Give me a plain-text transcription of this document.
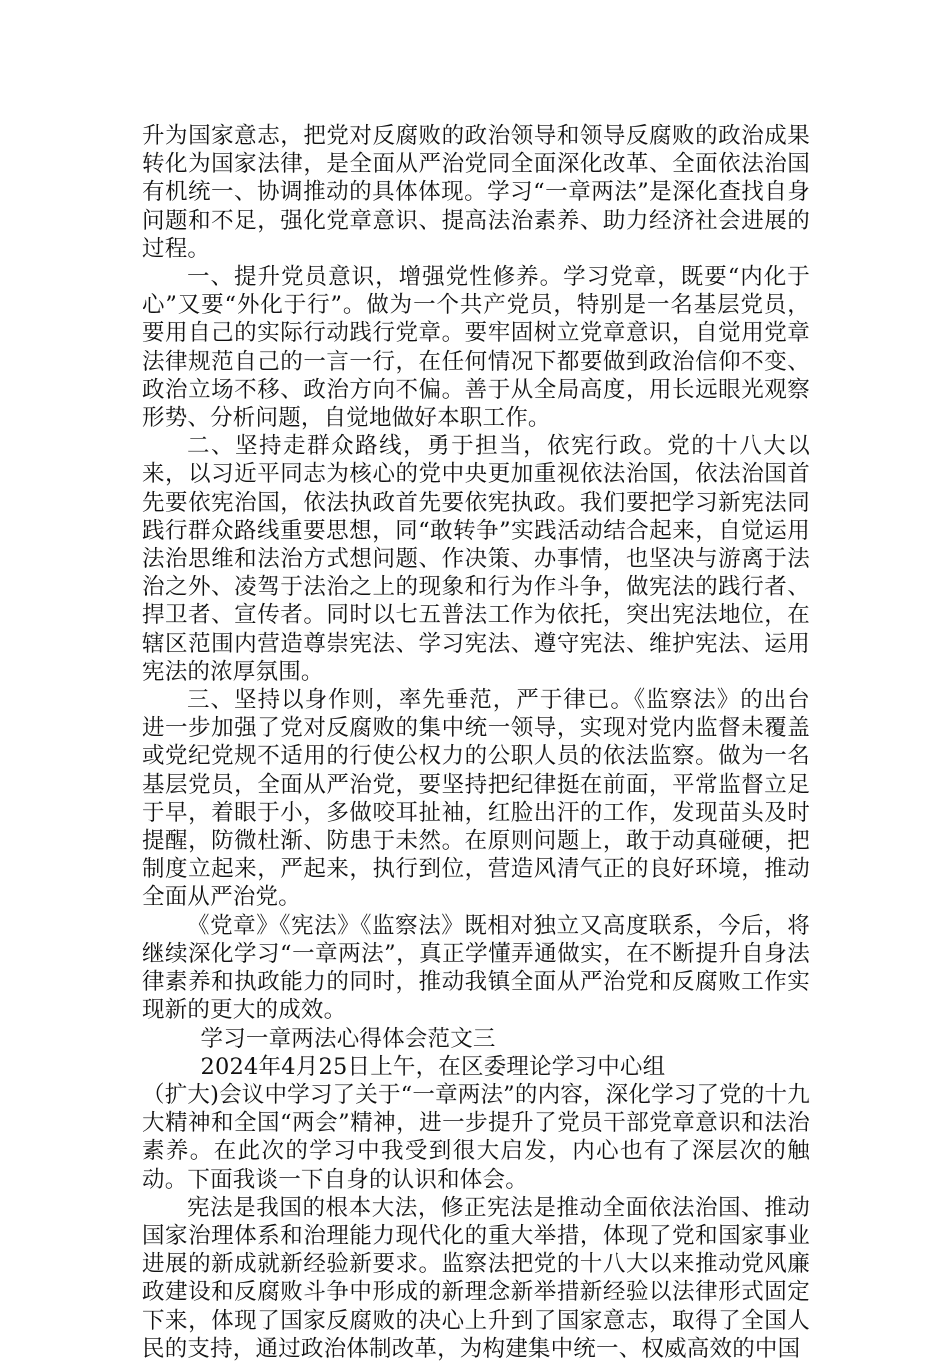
升为国家意志，把党对反腐败的政治领导和领导反腐败的政治成果转化为国家法律，是全面从严治党同全面深化改革、全面依法治国有机统一、协调推动的具体体现。学习“一章两法”是深化查找自身问题和不足，强化党章意识、提高法治素养、助力经济社会进展的过程。

一、提升党员意识，增强党性修养。学习党章，既要“内化于心”又要“外化于行”。做为一个共产党员，特别是一名基层党员，要用自己的实际行动践行党章。要牢固树立党章意识，自觉用党章法律规范自己的一言一行，在任何情况下都要做到政治信仰不变、政治立场不移、政治方向不偏。善于从全局高度，用长远眼光观察形势、分析问题，自觉地做好本职工作。

二、坚持走群众路线，勇于担当，依宪行政。党的十八大以来，以习近平同志为核心的党中央更加重视依法治国，依法治国首先要依宪治国，依法执政首先要依宪执政。我们要把学习新宪法同践行群众路线重要思想，同“敢转争”实践活动结合起来，自觉运用法治思维和法治方式想问题、作决策、办事情，也坚决与游离于法治之外、凌驾于法治之上的现象和行为作斗争，做宪法的践行者、捍卫者、宣传者。同时以七五普法工作为依托，突出宪法地位，在辖区范围内营造尊崇宪法、学习宪法、遵守宪法、维护宪法、运用宪法的浓厚氛围。

三、坚持以身作则，率先垂范，严于律已。《监察法》的出台进一步加强了党对反腐败的集中统一领导，实现对党内监督未覆盖或党纪党规不适用的行使公权力的公职人员的依法监察。做为一名基层党员，全面从严治党，要坚持把纪律挺在前面，平常监督立足于早，着眼于小，多做咬耳扯袖，红脸出汗的工作，发现苗头及时提醒，防微杜渐、防患于未然。在原则问题上，敢于动真碰硬，把制度立起来，严起来，执行到位，营造风清气正的良好环境，推动全面从严治党。

《党章》《宪法》《监察法》既相对独立又高度联系，今后，将继续深化学习“一章两法”，真正学懂弄通做实，在不断提升自身法律素养和执政能力的同时，推动我镇全面从严治党和反腐败工作实现新的更大的成效。

学习一章两法心得体会范文三

2024年4月25日上午，在区委理论学习中心组

（扩大)会议中学习了关于“一章两法”的内容，深化学习了党的十九大精神和全国“两会”精神，进一步提升了党员干部党章意识和法治素养。在此次的学习中我受到很大启发，内心也有了深层次的触动。下面我谈一下自身的认识和体会。

宪法是我国的根本大法，修正宪法是推动全面依法治国、推动国家治理体系和治理能力现代化的重大举措，体现了党和国家事业进展的新成就新经验新要求。监察法把党的十八大以来推动党风廉政建设和反腐败斗争中形成的新理念新举措新经验以法律形式固定下来，体现了国家反腐败的决心上升到了国家意志，取得了全国人民的支持，通过政治体制改革，为构建集中统一、权威高效的中国
